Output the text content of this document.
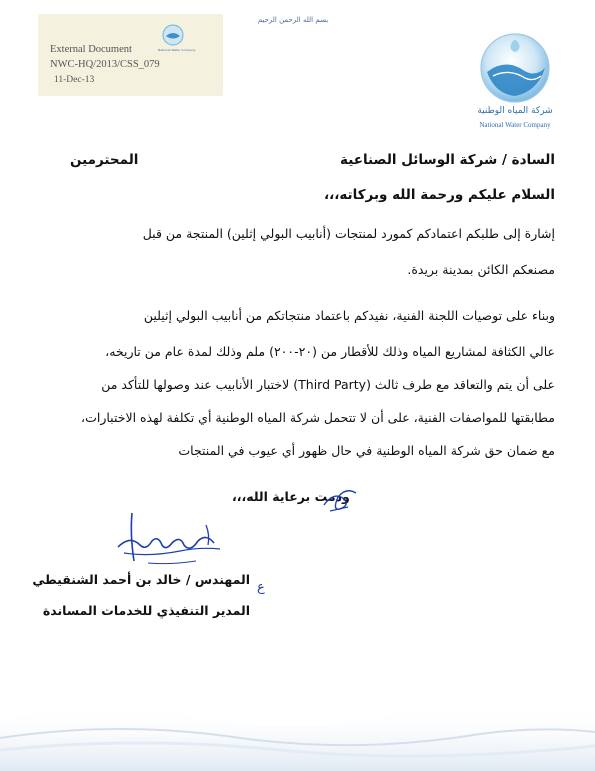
National Water Company
External Document
NWC-HQ/2013/CSS_079
11-Dec-13
بسم الله الرحمن الرحيم
شركة المياه الوطنية
National Water Company
السادة / شركة الوسائل الصناعية
المحترمين
السلام عليكم ورحمة الله وبركاته،،،
إشارة إلى طلبكم اعتمادكم كمورد لمنتجات (أنابيب البولي إثلين) المنتجة من قبل
مصنعكم الكائن بمدينة بريدة.
وبناء على توصيات اللجنة الفنية، نفيدكم باعتماد منتجاتكم من أنابيب البولي إثيلين
عالي الكثافة لمشاريع المياه وذلك للأقطار من (٢٠-٢٠٠) ملم وذلك لمدة عام من تاريخه،
على أن يتم والتعاقد مع طرف ثالث (Third Party) لاختبار الأنابيب عند وصولها للتأكد من
مطابقتها للمواصفات الفنية، على أن لا تتحمل شركة المياه الوطنية أي تكلفة لهذه الاختبارات،
مع ضمان حق شركة المياه الوطنية في حال ظهور أي عيوب في المنتجات
ودمت برعاية الله،،،
ع
المهندس / خالد بن أحمد الشنقيطي
المدير التنفيذي للخدمات المساندة
